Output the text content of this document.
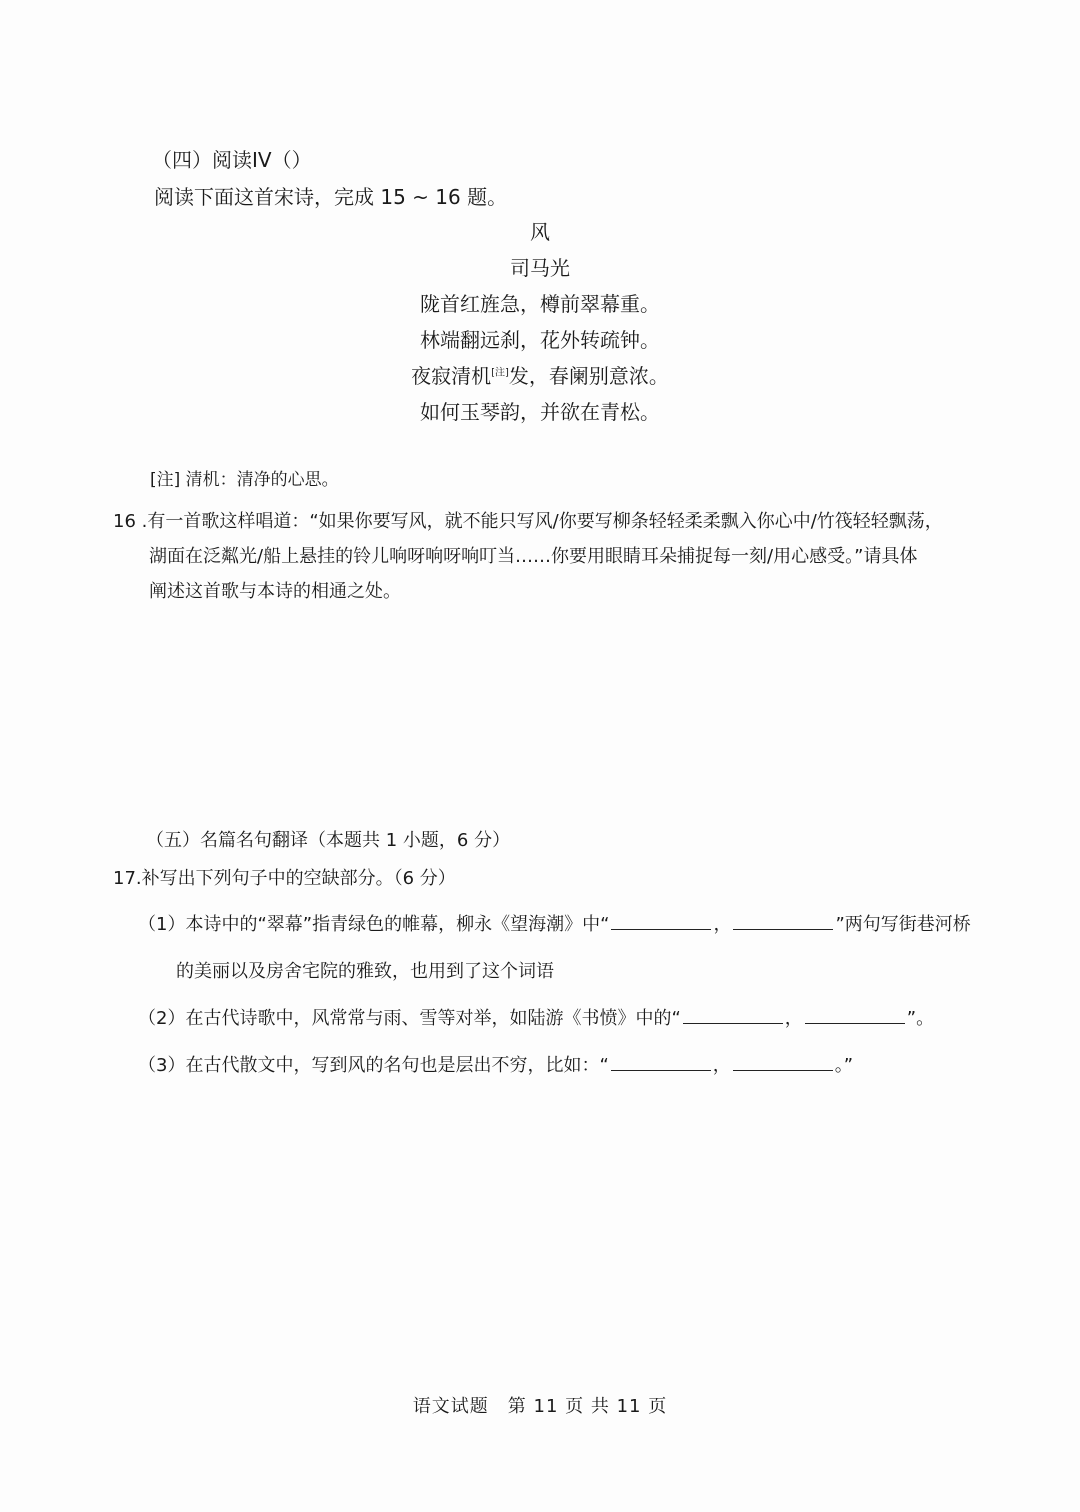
（四）阅读IV（）
阅读下面这首宋诗，完成 15 ~ 16 题。
风
司马光
陇首红旌急，樽前翠幕重。
林端翻远刹，花外转疏钟。
夜寂清机[注]发，春阑别意浓。
如何玉琴韵，并欲在青松。
[注] 清机：清净的心思。
16 .有一首歌这样唱道：“如果你要写风，就不能只写风/你要写柳条轻轻柔柔飘入你心中/竹筏轻轻飘荡，
湖面在泛粼光/船上悬挂的铃儿响呀响呀响叮当……你要用眼睛耳朵捕捉每一刻/用心感受。”请具体
阐述这首歌与本诗的相通之处。
（五）名篇名句翻译（本题共 1 小题，6 分）
17.补写出下列句子中的空缺部分。（6 分）
（1）本诗中的“翠幕”指青绿色的帷幕，柳永《望海潮》中“	，	”两句写街巷河桥
的美丽以及房舍宅院的雅致，也用到了这个词语
（2）在古代诗歌中，风常常与雨、雪等对举，如陆游《书愤》中的“	，	”。
（3）在古代散文中，写到风的名句也是层出不穷，比如：“	，	。”
语文试题　第 11 页 共 11 页
